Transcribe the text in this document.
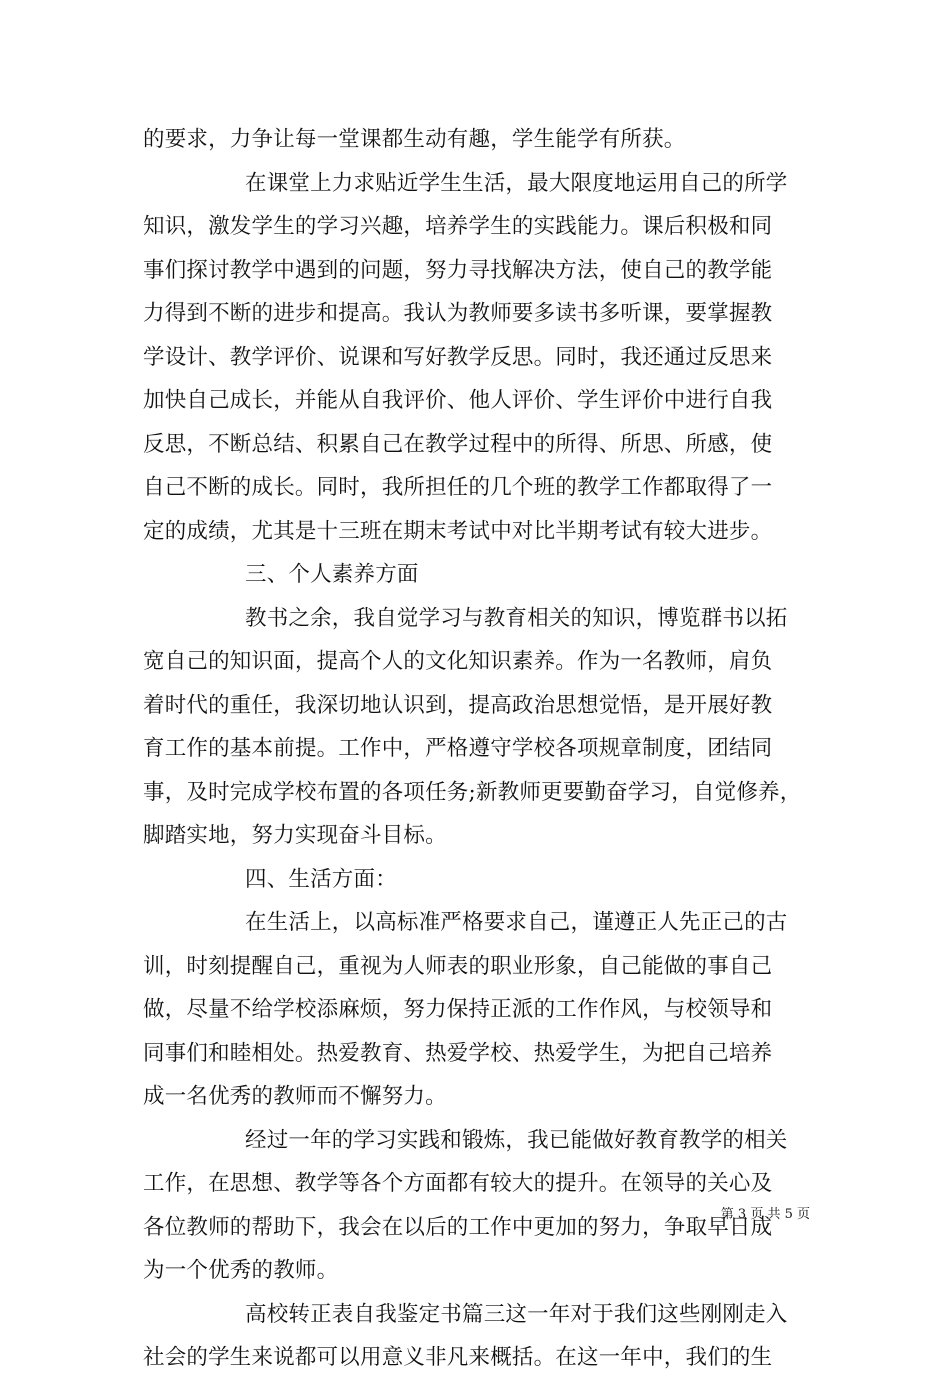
的要求，力争让每一堂课都生动有趣，学生能学有所获。
在课堂上力求贴近学生生活，最大限度地运用自己的所学
知识，激发学生的学习兴趣，培养学生的实践能力。课后积极和同
事们探讨教学中遇到的问题，努力寻找解决方法，使自己的教学能
力得到不断的进步和提高。我认为教师要多读书多听课，要掌握教
学设计、教学评价、说课和写好教学反思。同时，我还通过反思来
加快自己成长，并能从自我评价、他人评价、学生评价中进行自我
反思，不断总结、积累自己在教学过程中的所得、所思、所感，使
自己不断的成长。同时，我所担任的几个班的教学工作都取得了一
定的成绩，尤其是十三班在期末考试中对比半期考试有较大进步。
三、个人素养方面
教书之余，我自觉学习与教育相关的知识，博览群书以拓
宽自己的知识面，提高个人的文化知识素养。作为一名教师，肩负
着时代的重任，我深切地认识到，提高政治思想觉悟，是开展好教
育工作的基本前提。工作中，严格遵守学校各项规章制度，团结同
事，及时完成学校布置的各项任务;新教师更要勤奋学习，自觉修养，
脚踏实地，努力实现奋斗目标。
四、生活方面：
在生活上，以高标准严格要求自己，谨遵正人先正己的古
训，时刻提醒自己，重视为人师表的职业形象，自己能做的事自己
做，尽量不给学校添麻烦，努力保持正派的工作作风，与校领导和
同事们和睦相处。热爱教育、热爱学校、热爱学生，为把自己培养
成一名优秀的教师而不懈努力。
经过一年的学习实践和锻炼，我已能做好教育教学的相关
工作，在思想、教学等各个方面都有较大的提升。在领导的关心及
各位教师的帮助下，我会在以后的工作中更加的努力，争取早日成
为一个优秀的教师。
高校转正表自我鉴定书篇三这一年对于我们这些刚刚走入
社会的学生来说都可以用意义非凡来概括。在这一年中，我们的生
第 3 页 共 5 页
